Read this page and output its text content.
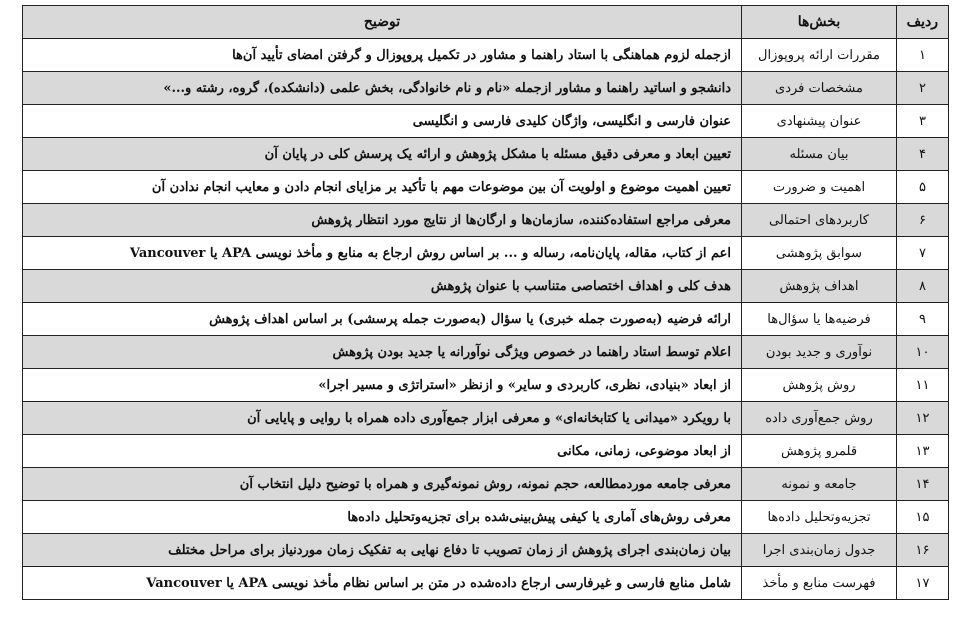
ردیف	بخش‌ها	توضیح
۱	مقررات ارائه پروپوزال	ازجمله لزوم هماهنگی با استاد راهنما و مشاور در تکمیل پروپوزال و گرفتن امضای تأیید آن‌ها
۲	مشخصات فردی	دانشجو و اساتید راهنما و مشاور ازجمله «نام و نام خانوادگی، بخش علمی (دانشکده)، گروه، رشته و...»
۳	عنوان پیشنهادی	عنوان فارسی و انگلیسی، واژگان کلیدی فارسی و انگلیسی
۴	بیان مسئله	تعیین ابعاد و معرفی دقیق مسئله با مشکل پژوهش و ارائه یک پرسش کلی در پایان آن
۵	اهمیت و ضرورت	تعیین اهمیت موضوع و اولویت آن بین موضوعات مهم با تأکید بر مزایای انجام دادن و معایب انجام ندادن آن
۶	کاربردهای احتمالی	معرفی مراجع استفاده‌کننده، سازمان‌ها و ارگان‌ها از نتایج مورد انتظار پژوهش
۷	سوابق پژوهشی	اعم از کتاب، مقاله، پایان‌نامه، رساله و ... بر اساس روش ارجاع به منابع و مأخذ نویسی APA یا Vancouver
۸	اهداف پژوهش	هدف کلی و اهداف اختصاصی متناسب با عنوان پژوهش
۹	فرضیه‌ها یا سؤال‌ها	ارائه فرضیه (به‌صورت جمله خبری) یا سؤال (به‌صورت جمله پرسشی) بر اساس اهداف پژوهش
۱۰	نوآوری و جدید بودن	اعلام توسط استاد راهنما در خصوص ویژگی نوآورانه یا جدید بودن پژوهش
۱۱	روش پژوهش	از ابعاد «بنیادی، نظری، کاربردی و سایر» و ازنظر «استراتژی و مسیر اجرا»
۱۲	روش جمع‌آوری داده	با رویکرد «میدانی یا کتابخانه‌ای» و معرفی ابزار جمع‌آوری داده همراه با روایی و پایایی آن
۱۳	قلمرو پژوهش	از ابعاد موضوعی، زمانی، مکانی
۱۴	جامعه و نمونه	معرفی جامعه موردمطالعه، حجم نمونه، روش نمونه‌گیری و همراه با توضیح دلیل انتخاب آن
۱۵	تجزیه‌وتحلیل داده‌ها	معرفی روش‌های آماری یا کیفی پیش‌بینی‌شده برای تجزیه‌وتحلیل داده‌ها
۱۶	جدول زمان‌بندی اجرا	بیان زمان‌بندی اجرای پژوهش از زمان تصویب تا دفاع نهایی به تفکیک زمان موردنیاز برای مراحل مختلف
۱۷	فهرست منابع و مأخذ	شامل منابع فارسی و غیرفارسی ارجاع داده‌شده در متن بر اساس نظام مأخذ نویسی APA یا Vancouver
